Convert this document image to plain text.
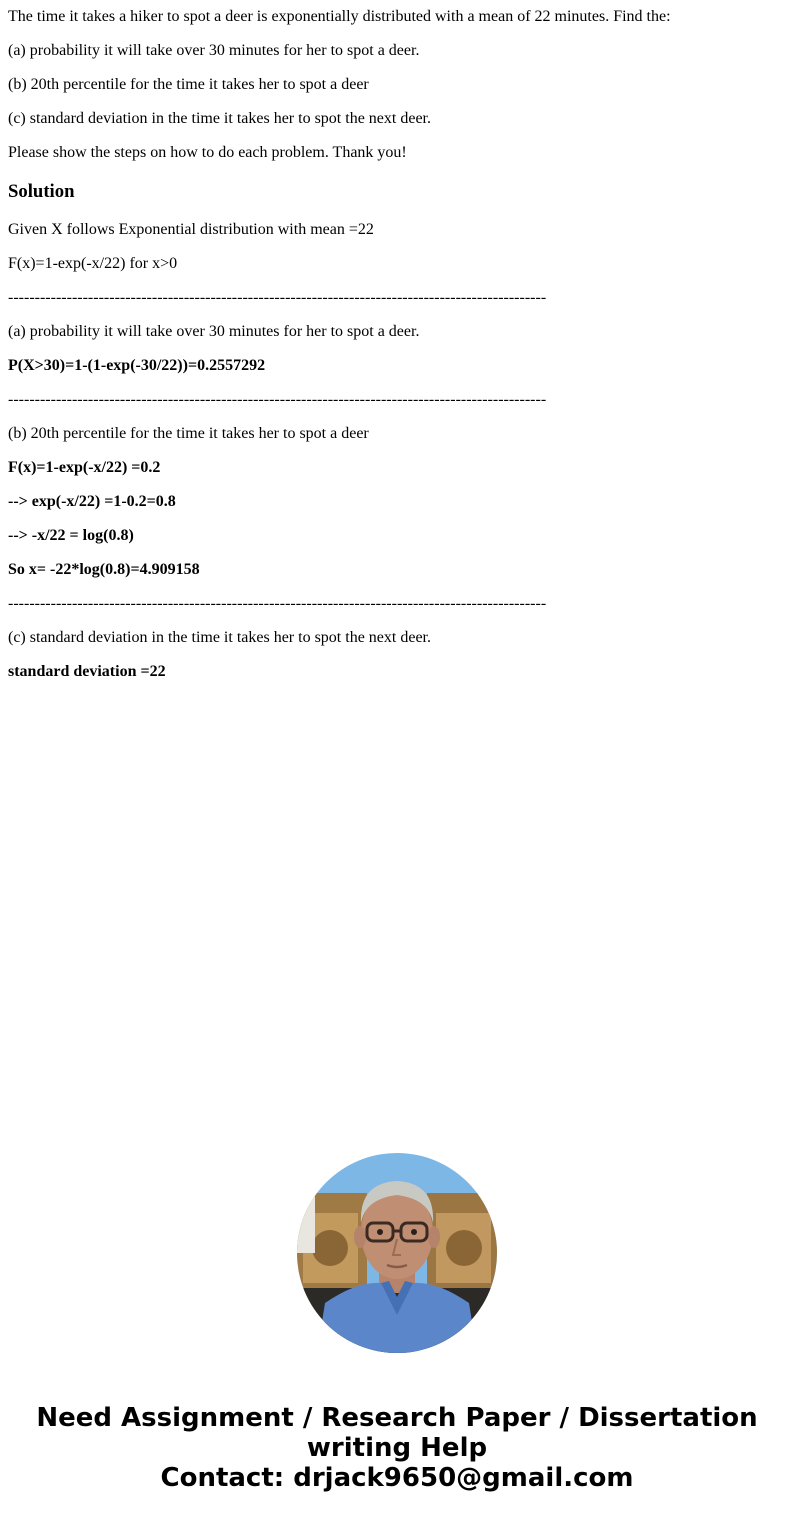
The time it takes a hiker to spot a deer is exponentially distributed with a mean of 22 minutes. Find the:

(a) probability it will take over 30 minutes for her to spot a deer.

(b) 20th percentile for the time it takes her to spot a deer

(c) standard deviation in the time it takes her to spot the next deer.

Please show the steps on how to do each problem. Thank you!

Solution

Given X follows Exponential distribution with mean =22

F(x)=1-exp(-x/22) for x>0

-----------------------------------------------------------------------------------------------------

(a) probability it will take over 30 minutes for her to spot a deer.

P(X>30)=1-(1-exp(-30/22))=0.2557292

-----------------------------------------------------------------------------------------------------

(b) 20th percentile for the time it takes her to spot a deer

F(x)=1-exp(-x/22) =0.2

--> exp(-x/22) =1-0.2=0.8

--> -x/22 = log(0.8)

So x= -22*log(0.8)=4.909158

-----------------------------------------------------------------------------------------------------

(c) standard deviation in the time it takes her to spot the next deer.

standard deviation =22

Need Assignment / Research Paper / Dissertation
writing Help
Contact: drjack9650@gmail.com
